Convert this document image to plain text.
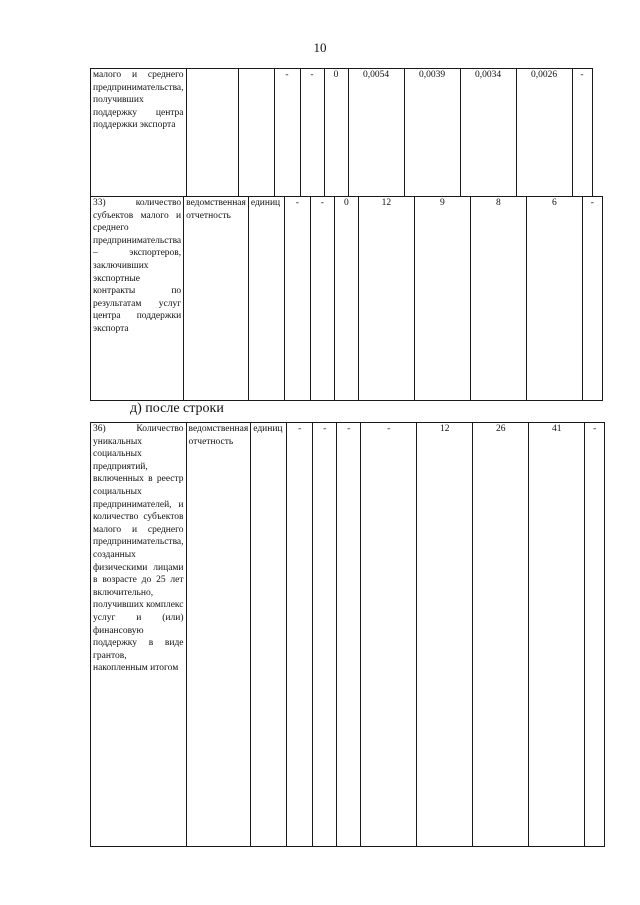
10
малого и среднего предпринимательства, получивших поддержку центра поддержки экспорта			-	-	0	0,0054	0,0039	0,0034	0,0026	-
33) количество субъектов малого и среднего предпринимательства – экспортеров, заключивших экспортные контракты по результатам услуг центра поддержки экспорта	ведомственная отчетность	единиц	-	-	0	12	9	8	6	-
д) после строки
36) Количество уникальных социальных предприятий, включенных в реестр социальных предпринимателей, и количество субъектов малого и среднего предпринимательства, созданных физическими лицами в возрасте до 25 лет включительно, получивших комплекс услуг и (или) финансовую поддержку в виде грантов, накопленным итогом	ведомственная отчетность	единиц	-	-	-	-	12	26	41	-
